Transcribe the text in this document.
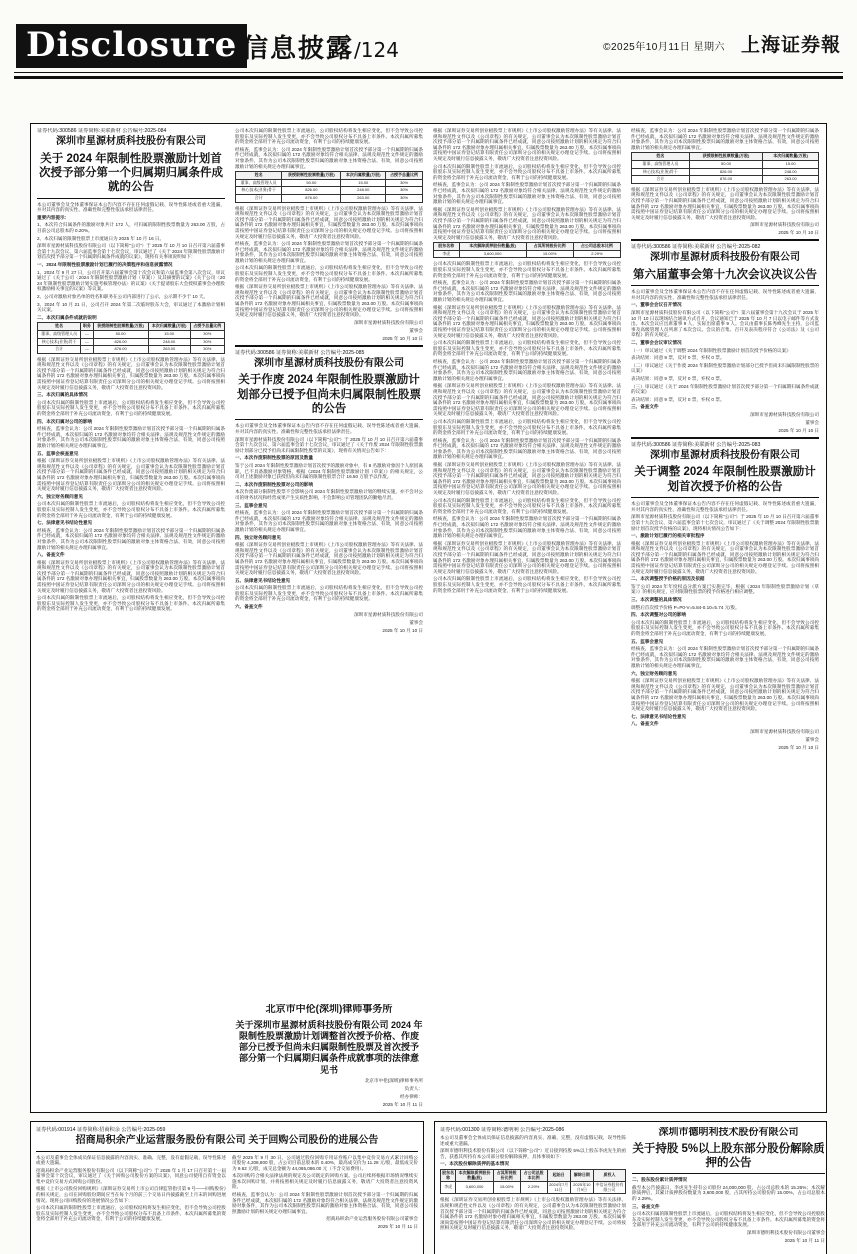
Disclosure 信息披露/124	©2025年10月11日 星期六 上海证券報
证券代码:300586 证券简称:美联新材 公告编号:2025-084
深圳市星源材质科技股份有限公司
关于 2024 年限制性股票激励计划首次授予部分第一个归属期归属条件成就的公告

本公司董事会及全体董事保证本公告内容不存在任何虚假记载、误导性陈述或者重大遗漏，并对其内容的真实性、准确性和完整性依法承担法律责任。

重要内容提示：

1、本次符合归属条件的激励对象共计 172 人，可归属的限制性股票数量为 263.00 万股，占目前公司总股本的 0.20%。

2、本次归属的限制性股票上市流通日为 2025 年 10 月 16 日。

深圳市星源材质科技股份有限公司（以下简称"公司"）于 2025 年 10 月 10 日召开第六届董事会第十九次会议、第六届监事会第十七次会议，审议通过了《关于 2024 年限制性股票激励计划首次授予部分第一个归属期归属条件成就的议案》，现将有关事项说明如下：

一、2024 年限制性股票激励计划已履行的决策程序和信息披露情况

1、2024 年 9 月 27 日，公司召开第六届董事会第十次会议和第六届监事会第八次会议，审议通过了《关于公司〈2024 年限制性股票激励计划（草案）〉及其摘要的议案》《关于公司〈2024 年限制性股票激励计划实施考核管理办法〉的议案》《关于提请股东大会授权董事会办理股权激励相关事宜的议案》等议案。

2、公司对激励对象名单的姓名和职务在公司内部进行了公示，公示期不少于 10 天。

3、2024 年 10 月 21 日，公司召开 2024 年第二次临时股东大会，审议通过了本激励计划相关议案。

二、本次归属条件成就的说明

姓名	职务	获授限制性股票数量(万股)	本次归属数量(万股)	占授予总量比例
董事、高级管理人员	—	50.00	15.00	30%
核心技术(业务)骨干	—	826.00	248.00	30%
合计	—	876.00	263.00	30%

根据《深圳证券交易所创业板股票上市规则》《上市公司股权激励管理办法》等有关法律、法规和规范性文件以及《公司章程》的有关规定，公司董事会认为本次限制性股票激励计划首次授予部分第一个归属期的归属条件已经成就，同意公司按照激励计划的相关规定为符合归属条件的 172 名激励对象办理归属相关事宜，归属股票数量为 263.00 万股。本次归属事项尚需按照中国证券登记结算有限责任公司深圳分公司的相关规定办理登记手续。公司将按照相关规定及时履行信息披露义务，敬请广大投资者注意投资风险。

三、本次归属的具体情况

公司本次归属的限制性股票上市流通后，公司股权结构将发生相应变化，但不会导致公司控股股东及实际控制人发生变更，亦不会导致公司股权分布不具备上市条件。本次归属所募集的资金将全部用于补充公司流动资金，有利于公司的持续健康发展。

四、本次归属对公司的影响

经核查，监事会认为：公司 2024 年限制性股票激励计划首次授予部分第一个归属期的归属条件已经成就，本次拟归属的 172 名激励对象均符合相关法律、法规及规范性文件规定的激励对象条件，其作为公司本次限制性股票归属的激励对象主体资格合法、有效，同意公司按照激励计划的相关规定办理归属事宜。

五、监事会核查意见

根据《深圳证券交易所创业板股票上市规则》《上市公司股权激励管理办法》等有关法律、法规和规范性文件以及《公司章程》的有关规定，公司董事会认为本次限制性股票激励计划首次授予部分第一个归属期的归属条件已经成就，同意公司按照激励计划的相关规定为符合归属条件的 172 名激励对象办理归属相关事宜，归属股票数量为 263.00 万股。本次归属事项尚需按照中国证券登记结算有限责任公司深圳分公司的相关规定办理登记手续。公司将按照相关规定及时履行信息披露义务，敬请广大投资者注意投资风险。

六、独立财务顾问意见

公司本次归属的限制性股票上市流通后，公司股权结构将发生相应变化，但不会导致公司控股股东及实际控制人发生变更，亦不会导致公司股权分布不具备上市条件。本次归属所募集的资金将全部用于补充公司流动资金，有利于公司的持续健康发展。

七、法律意见书结论性意见

经核查，监事会认为：公司 2024 年限制性股票激励计划首次授予部分第一个归属期的归属条件已经成就，本次拟归属的 172 名激励对象均符合相关法律、法规及规范性文件规定的激励对象条件，其作为公司本次限制性股票归属的激励对象主体资格合法、有效，同意公司按照激励计划的相关规定办理归属事宜。

八、备查文件

根据《深圳证券交易所创业板股票上市规则》《上市公司股权激励管理办法》等有关法律、法规和规范性文件以及《公司章程》的有关规定，公司董事会认为本次限制性股票激励计划首次授予部分第一个归属期的归属条件已经成就，同意公司按照激励计划的相关规定为符合归属条件的 172 名激励对象办理归属相关事宜，归属股票数量为 263.00 万股。本次归属事项尚需按照中国证券登记结算有限责任公司深圳分公司的相关规定办理登记手续。公司将按照相关规定及时履行信息披露义务，敬请广大投资者注意投资风险。

公司本次归属的限制性股票上市流通后，公司股权结构将发生相应变化，但不会导致公司控股股东及实际控制人发生变更，亦不会导致公司股权分布不具备上市条件。本次归属所募集的资金将全部用于补充公司流动资金，有利于公司的持续健康发展。

公司本次归属的限制性股票上市流通后，公司股权结构将发生相应变化，但不会导致公司控股股东及实际控制人发生变更，亦不会导致公司股权分布不具备上市条件。本次归属所募集的资金将全部用于补充公司流动资金，有利于公司的持续健康发展。

经核查，监事会认为：公司 2024 年限制性股票激励计划首次授予部分第一个归属期的归属条件已经成就，本次拟归属的 172 名激励对象均符合相关法律、法规及规范性文件规定的激励对象条件，其作为公司本次限制性股票归属的激励对象主体资格合法、有效，同意公司按照激励计划的相关规定办理归属事宜。

姓名	获授限制性股票数量(万股)	本次归属数量(万股)	占授予总量比例
董事、高级管理人员	50.00	15.00	30%
核心技术(业务)骨干	826.00	248.00	30%
合计	876.00	263.00	30%

根据《深圳证券交易所创业板股票上市规则》《上市公司股权激励管理办法》等有关法律、法规和规范性文件以及《公司章程》的有关规定，公司董事会认为本次限制性股票激励计划首次授予部分第一个归属期的归属条件已经成就，同意公司按照激励计划的相关规定为符合归属条件的 172 名激励对象办理归属相关事宜，归属股票数量为 263.00 万股。本次归属事项尚需按照中国证券登记结算有限责任公司深圳分公司的相关规定办理登记手续。公司将按照相关规定及时履行信息披露义务，敬请广大投资者注意投资风险。

经核查，监事会认为：公司 2024 年限制性股票激励计划首次授予部分第一个归属期的归属条件已经成就，本次拟归属的 172 名激励对象均符合相关法律、法规及规范性文件规定的激励对象条件，其作为公司本次限制性股票归属的激励对象主体资格合法、有效，同意公司按照激励计划的相关规定办理归属事宜。

公司本次归属的限制性股票上市流通后，公司股权结构将发生相应变化，但不会导致公司控股股东及实际控制人发生变更，亦不会导致公司股权分布不具备上市条件。本次归属所募集的资金将全部用于补充公司流动资金，有利于公司的持续健康发展。

根据《深圳证券交易所创业板股票上市规则》《上市公司股权激励管理办法》等有关法律、法规和规范性文件以及《公司章程》的有关规定，公司董事会认为本次限制性股票激励计划首次授予部分第一个归属期的归属条件已经成就，同意公司按照激励计划的相关规定为符合归属条件的 172 名激励对象办理归属相关事宜，归属股票数量为 263.00 万股。本次归属事项尚需按照中国证券登记结算有限责任公司深圳分公司的相关规定办理登记手续。公司将按照相关规定及时履行信息披露义务，敬请广大投资者注意投资风险。

深圳市星源材质科技股份有限公司
董事会
2025 年 10 月 10 日
证券代码:300586 证券简称:美联新材 公告编号:2025-085
深圳市星源材质科技股份有限公司
关于作废 2024 年限制性股票激励计划部分已授予但尚未归属限制性股票的公告

本公司董事会及全体董事保证本公告内容不存在任何虚假记载、误导性陈述或者重大遗漏，并对其内容的真实性、准确性和完整性依法承担法律责任。

深圳市星源材质科技股份有限公司（以下简称"公司"）于 2025 年 10 月 10 日召开第六届董事会第十九次会议、第六届监事会第十七次会议，审议通过了《关于作废 2024 年限制性股票激励计划部分已授予但尚未归属限制性股票的议案》，现将有关情况公告如下：

一、本次作废限制性股票的原因及数量

鉴于公司 2024 年限制性股票激励计划首次授予的激励对象中，有 8 名激励对象因个人原因离职，已不具备激励对象资格，根据《2024 年限制性股票激励计划（草案）》的相关规定，公司对上述激励对象已获授但尚未归属的限制性股票合计 16.50 万股予以作废。

二、本次作废限制性股票对公司的影响

本次作废部分限制性股票不会影响公司 2024 年限制性股票激励计划的继续实施，亦不会对公司的财务状况和经营成果产生实质性影响，不会影响公司管理团队的勤勉尽责。

三、监事会意见

经核查，监事会认为：公司 2024 年限制性股票激励计划首次授予部分第一个归属期的归属条件已经成就，本次拟归属的 172 名激励对象均符合相关法律、法规及规范性文件规定的激励对象条件，其作为公司本次限制性股票归属的激励对象主体资格合法、有效，同意公司按照激励计划的相关规定办理归属事宜。

四、独立财务顾问意见

根据《深圳证券交易所创业板股票上市规则》《上市公司股权激励管理办法》等有关法律、法规和规范性文件以及《公司章程》的有关规定，公司董事会认为本次限制性股票激励计划首次授予部分第一个归属期的归属条件已经成就，同意公司按照激励计划的相关规定为符合归属条件的 172 名激励对象办理归属相关事宜，归属股票数量为 263.00 万股。本次归属事项尚需按照中国证券登记结算有限责任公司深圳分公司的相关规定办理登记手续。公司将按照相关规定及时履行信息披露义务，敬请广大投资者注意投资风险。

五、法律意见书结论性意见

公司本次归属的限制性股票上市流通后，公司股权结构将发生相应变化，但不会导致公司控股股东及实际控制人发生变更，亦不会导致公司股权分布不具备上市条件。本次归属所募集的资金将全部用于补充公司流动资金，有利于公司的持续健康发展。

六、备查文件

深圳市星源材质科技股份有限公司
董事会
2025 年 10 月 10 日

根据《深圳证券交易所创业板股票上市规则》《上市公司股权激励管理办法》等有关法律、法规和规范性文件以及《公司章程》的有关规定，公司董事会认为本次限制性股票激励计划首次授予部分第一个归属期的归属条件已经成就，同意公司按照激励计划的相关规定为符合归属条件的 172 名激励对象办理归属相关事宜，归属股票数量为 263.00 万股。本次归属事项尚需按照中国证券登记结算有限责任公司深圳分公司的相关规定办理登记手续。公司将按照相关规定及时履行信息披露义务，敬请广大投资者注意投资风险。

公司本次归属的限制性股票上市流通后，公司股权结构将发生相应变化，但不会导致公司控股股东及实际控制人发生变更，亦不会导致公司股权分布不具备上市条件。本次归属所募集的资金将全部用于补充公司流动资金，有利于公司的持续健康发展。

经核查，监事会认为：公司 2024 年限制性股票激励计划首次授予部分第一个归属期的归属条件已经成就，本次拟归属的 172 名激励对象均符合相关法律、法规及规范性文件规定的激励对象条件，其作为公司本次限制性股票归属的激励对象主体资格合法、有效，同意公司按照激励计划的相关规定办理归属事宜。

根据《深圳证券交易所创业板股票上市规则》《上市公司股权激励管理办法》等有关法律、法规和规范性文件以及《公司章程》的有关规定，公司董事会认为本次限制性股票激励计划首次授予部分第一个归属期的归属条件已经成就，同意公司按照激励计划的相关规定为符合归属条件的 172 名激励对象办理归属相关事宜，归属股票数量为 263.00 万股。本次归属事项尚需按照中国证券登记结算有限责任公司深圳分公司的相关规定办理登记手续。公司将按照相关规定及时履行信息披露义务，敬请广大投资者注意投资风险。

股东名称	本次解除质押股份数量(股)	占其所持股份比例	占公司总股本比例
李虎	3,600,000	15.00%	2.29%

公司本次归属的限制性股票上市流通后，公司股权结构将发生相应变化，但不会导致公司控股股东及实际控制人发生变更，亦不会导致公司股权分布不具备上市条件。本次归属所募集的资金将全部用于补充公司流动资金，有利于公司的持续健康发展。

经核查，监事会认为：公司 2024 年限制性股票激励计划首次授予部分第一个归属期的归属条件已经成就，本次拟归属的 172 名激励对象均符合相关法律、法规及规范性文件规定的激励对象条件，其作为公司本次限制性股票归属的激励对象主体资格合法、有效，同意公司按照激励计划的相关规定办理归属事宜。

根据《深圳证券交易所创业板股票上市规则》《上市公司股权激励管理办法》等有关法律、法规和规范性文件以及《公司章程》的有关规定，公司董事会认为本次限制性股票激励计划首次授予部分第一个归属期的归属条件已经成就，同意公司按照激励计划的相关规定为符合归属条件的 172 名激励对象办理归属相关事宜，归属股票数量为 263.00 万股。本次归属事项尚需按照中国证券登记结算有限责任公司深圳分公司的相关规定办理登记手续。公司将按照相关规定及时履行信息披露义务，敬请广大投资者注意投资风险。

公司本次归属的限制性股票上市流通后，公司股权结构将发生相应变化，但不会导致公司控股股东及实际控制人发生变更，亦不会导致公司股权分布不具备上市条件。本次归属所募集的资金将全部用于补充公司流动资金，有利于公司的持续健康发展。

经核查，监事会认为：公司 2024 年限制性股票激励计划首次授予部分第一个归属期的归属条件已经成就，本次拟归属的 172 名激励对象均符合相关法律、法规及规范性文件规定的激励对象条件，其作为公司本次限制性股票归属的激励对象主体资格合法、有效，同意公司按照激励计划的相关规定办理归属事宜。

根据《深圳证券交易所创业板股票上市规则》《上市公司股权激励管理办法》等有关法律、法规和规范性文件以及《公司章程》的有关规定，公司董事会认为本次限制性股票激励计划首次授予部分第一个归属期的归属条件已经成就，同意公司按照激励计划的相关规定为符合归属条件的 172 名激励对象办理归属相关事宜，归属股票数量为 263.00 万股。本次归属事项尚需按照中国证券登记结算有限责任公司深圳分公司的相关规定办理登记手续。公司将按照相关规定及时履行信息披露义务，敬请广大投资者注意投资风险。

公司本次归属的限制性股票上市流通后，公司股权结构将发生相应变化，但不会导致公司控股股东及实际控制人发生变更，亦不会导致公司股权分布不具备上市条件。本次归属所募集的资金将全部用于补充公司流动资金，有利于公司的持续健康发展。

经核查，监事会认为：公司 2024 年限制性股票激励计划首次授予部分第一个归属期的归属条件已经成就，本次拟归属的 172 名激励对象均符合相关法律、法规及规范性文件规定的激励对象条件，其作为公司本次限制性股票归属的激励对象主体资格合法、有效，同意公司按照激励计划的相关规定办理归属事宜。

根据《深圳证券交易所创业板股票上市规则》《上市公司股权激励管理办法》等有关法律、法规和规范性文件以及《公司章程》的有关规定，公司董事会认为本次限制性股票激励计划首次授予部分第一个归属期的归属条件已经成就，同意公司按照激励计划的相关规定为符合归属条件的 172 名激励对象办理归属相关事宜，归属股票数量为 263.00 万股。本次归属事项尚需按照中国证券登记结算有限责任公司深圳分公司的相关规定办理登记手续。公司将按照相关规定及时履行信息披露义务，敬请广大投资者注意投资风险。

公司本次归属的限制性股票上市流通后，公司股权结构将发生相应变化，但不会导致公司控股股东及实际控制人发生变更，亦不会导致公司股权分布不具备上市条件。本次归属所募集的资金将全部用于补充公司流动资金，有利于公司的持续健康发展。

经核查，监事会认为：公司 2024 年限制性股票激励计划首次授予部分第一个归属期的归属条件已经成就，本次拟归属的 172 名激励对象均符合相关法律、法规及规范性文件规定的激励对象条件，其作为公司本次限制性股票归属的激励对象主体资格合法、有效，同意公司按照激励计划的相关规定办理归属事宜。

根据《深圳证券交易所创业板股票上市规则》《上市公司股权激励管理办法》等有关法律、法规和规范性文件以及《公司章程》的有关规定，公司董事会认为本次限制性股票激励计划首次授予部分第一个归属期的归属条件已经成就，同意公司按照激励计划的相关规定为符合归属条件的 172 名激励对象办理归属相关事宜，归属股票数量为 263.00 万股。本次归属事项尚需按照中国证券登记结算有限责任公司深圳分公司的相关规定办理登记手续。公司将按照相关规定及时履行信息披露义务，敬请广大投资者注意投资风险。

公司本次归属的限制性股票上市流通后，公司股权结构将发生相应变化，但不会导致公司控股股东及实际控制人发生变更，亦不会导致公司股权分布不具备上市条件。本次归属所募集的资金将全部用于补充公司流动资金，有利于公司的持续健康发展。

经核查，监事会认为：公司 2024 年限制性股票激励计划首次授予部分第一个归属期的归属条件已经成就，本次拟归属的 172 名激励对象均符合相关法律、法规及规范性文件规定的激励对象条件，其作为公司本次限制性股票归属的激励对象主体资格合法、有效，同意公司按照激励计划的相关规定办理归属事宜。

姓名	获授限制性股票数量(万股)	本次归属数量(万股)
董事、高级管理人员	50.00	15.00
核心技术(业务)骨干	826.00	248.00
合计	876.00	263.00

根据《深圳证券交易所创业板股票上市规则》《上市公司股权激励管理办法》等有关法律、法规和规范性文件以及《公司章程》的有关规定，公司董事会认为本次限制性股票激励计划首次授予部分第一个归属期的归属条件已经成就，同意公司按照激励计划的相关规定为符合归属条件的 172 名激励对象办理归属相关事宜，归属股票数量为 263.00 万股。本次归属事项尚需按照中国证券登记结算有限责任公司深圳分公司的相关规定办理登记手续。公司将按照相关规定及时履行信息披露义务，敬请广大投资者注意投资风险。

深圳市星源材质科技股份有限公司
2025 年 10 月 10 日
证券代码:300586 证券简称:美联新材 公告编号:2025-082
深圳市星源材质科技股份有限公司
第六届董事会第十九次会议决议公告

本公司董事会及全体董事保证本公告内容不存在任何虚假记载、误导性陈述或者重大遗漏，并对其内容的真实性、准确性和完整性依法承担法律责任。

一、董事会会议召开情况

深圳市星源材质科技股份有限公司（以下简称"公司"）第六届董事会第十九次会议于 2025 年 10 月 10 日以现场结合通讯方式召开，会议通知已于 2025 年 10 月 7 日以电子邮件等方式发出。本次会议应出席董事 9 人，实际出席董事 9 人。会议由董事长陈秀峰先生主持，公司监事及高级管理人员列席了本次会议。会议的召集、召开及表决程序符合《公司法》及《公司章程》的有关规定。

二、董事会会议审议情况

（一）审议通过《关于调整 2024 年限制性股票激励计划首次授予价格的议案》

表决结果：同意 9 票，反对 0 票，弃权 0 票。

（二）审议通过《关于作废 2024 年限制性股票激励计划部分已授予但尚未归属限制性股票的议案》

表决结果：同意 9 票，反对 0 票，弃权 0 票。

（三）审议通过《关于 2024 年限制性股票激励计划首次授予部分第一个归属期归属条件成就的议案》

表决结果：同意 9 票，反对 0 票，弃权 0 票。

三、备查文件

深圳市星源材质科技股份有限公司
董事会
2025 年 10 月 10 日
证券代码:300586 证券简称:美联新材 公告编号:2025-083
深圳市星源材质科技股份有限公司
关于调整 2024 年限制性股票激励计划首次授予价格的公告

本公司董事会及全体董事保证本公告内容不存在任何虚假记载、误导性陈述或者重大遗漏，并对其内容的真实性、准确性和完整性依法承担法律责任。

深圳市星源材质科技股份有限公司（以下简称"公司"）于 2025 年 10 月 10 日召开第六届董事会第十九次会议、第六届监事会第十七次会议，审议通过了《关于调整 2024 年限制性股票激励计划首次授予价格的议案》，现将相关情况公告如下：

一、激励计划已履行的相关审批程序

根据《深圳证券交易所创业板股票上市规则》《上市公司股权激励管理办法》等有关法律、法规和规范性文件以及《公司章程》的有关规定，公司董事会认为本次限制性股票激励计划首次授予部分第一个归属期的归属条件已经成就，同意公司按照激励计划的相关规定为符合归属条件的 172 名激励对象办理归属相关事宜，归属股票数量为 263.00 万股。本次归属事项尚需按照中国证券登记结算有限责任公司深圳分公司的相关规定办理登记手续。公司将按照相关规定及时履行信息披露义务，敬请广大投资者注意投资风险。

二、本次调整授予价格的原因及依据

鉴于公司 2024 年年度权益分派方案已实施完毕，根据《2024 年限制性股票激励计划（草案）》的相关规定，应对限制性股票的授予价格进行相应调整。

三、本次调整的具体情况

调整后首次授予价格 P=P0-V=5.84-0.10=5.74 元/股。

四、本次调整对公司的影响

公司本次归属的限制性股票上市流通后，公司股权结构将发生相应变化，但不会导致公司控股股东及实际控制人发生变更，亦不会导致公司股权分布不具备上市条件。本次归属所募集的资金将全部用于补充公司流动资金，有利于公司的持续健康发展。

五、监事会意见

经核查，监事会认为：公司 2024 年限制性股票激励计划首次授予部分第一个归属期的归属条件已经成就，本次拟归属的 172 名激励对象均符合相关法律、法规及规范性文件规定的激励对象条件，其作为公司本次限制性股票归属的激励对象主体资格合法、有效，同意公司按照激励计划的相关规定办理归属事宜。

六、独立财务顾问意见

根据《深圳证券交易所创业板股票上市规则》《上市公司股权激励管理办法》等有关法律、法规和规范性文件以及《公司章程》的有关规定，公司董事会认为本次限制性股票激励计划首次授予部分第一个归属期的归属条件已经成就，同意公司按照激励计划的相关规定为符合归属条件的 172 名激励对象办理归属相关事宜，归属股票数量为 263.00 万股。本次归属事项尚需按照中国证券登记结算有限责任公司深圳分公司的相关规定办理登记手续。公司将按照相关规定及时履行信息披露义务，敬请广大投资者注意投资风险。

七、法律意见书结论性意见

八、备查文件

深圳市星源材质科技股份有限公司
董事会
2025 年 10 月 10 日
北京市中伦(深圳)律师事务所
关于深圳市星源材质科技股份有限公司 2024 年限制性股票激励计划调整首次授予价格、作废部分已授予但尚未归属限制性股票及首次授予部分第一个归属期归属条件成就事项的法律意见书
北京市中伦(深圳)律师事务所
负责人：
经办律师：
2025 年 10 月 11 日
证券代码:001914 证券简称:招商积余 公告编号:2025-059
招商局积余产业运营服务股份有限公司 关于回购公司股份的进展公告

本公司及董事会全体成员保证信息披露的内容真实、准确、完整，没有虚假记载、误导性陈述或重大遗漏。

招商局积余产业运营服务股份有限公司（以下简称"公司"）于 2025 年 1 月 17 日召开第十一届董事会第十次会议，审议通过了《关于回购公司股份方案的议案》，同意公司使用自有资金以集中竞价交易方式回购公司股份。

根据《上市公司股份回购规则》《深圳证券交易所上市公司自律监管指引第 9 号——回购股份》的相关规定，公司在回购股份期间应当在每个月的前三个交易日内披露截至上月末的回购进展情况。现将公司回购股份的进展情况公告如下：

公司本次归属的限制性股票上市流通后，公司股权结构将发生相应变化，但不会导致公司控股股东及实际控制人发生变更，亦不会导致公司股权分布不具备上市条件。本次归属所募集的资金将全部用于补充公司流动资金，有利于公司的持续健康发展。

截至 2025 年 9 月 30 日，公司通过股份回购专用证券账户以集中竞价交易方式累计回购公司股份 4,208,800 股，占公司目前总股本的 0.40%，最高成交价为 11.28 元/股，最低成交价为 9.62 元/股，成交总金额为 44,065,086.00 元（不含交易费用）。

本次回购符合相关法律法规的规定及公司既定的回购方案。公司后续将根据市场情况继续实施本次回购计划，并将按照相关规定及时履行信息披露义务，敬请广大投资者注意投资风险。

经核查，监事会认为：公司 2024 年限制性股票激励计划首次授予部分第一个归属期的归属条件已经成就，本次拟归属的 172 名激励对象均符合相关法律、法规及规范性文件规定的激励对象条件，其作为公司本次限制性股票归属的激励对象主体资格合法、有效，同意公司按照激励计划的相关规定办理归属事宜。

招商局积余产业运营服务股份有限公司董事会
2025 年 10 月 11 日
证券代码:001300 证券简称:德明利 公告编号:2025-086

本公司及董事会全体成员保证信息披露的内容真实、准确、完整，没有虚假记载、误导性陈述或重大遗漏。

深圳市德明利技术股份有限公司（以下简称"公司"）近日接到持股 5%以上股东李虎先生的函告，获悉其所持有本公司部分股份解除质押，具体事项如下：

一、本次股份解除质押的基本情况

股东名称	本次解除质押股份数量(股)	占其所持股份比例	占公司总股本比例	起始日	解除日期	质权人
李虎	3,600,000	15.00%	2.29%	2024年7月11日	2025年10月9日	中信证券股份有限公司

根据《深圳证券交易所创业板股票上市规则》《上市公司股权激励管理办法》等有关法律、法规和规范性文件以及《公司章程》的有关规定，公司董事会认为本次限制性股票激励计划首次授予部分第一个归属期的归属条件已经成就，同意公司按照激励计划的相关规定为符合归属条件的 172 名激励对象办理归属相关事宜，归属股票数量为 263.00 万股。本次归属事项尚需按照中国证券登记结算有限责任公司深圳分公司的相关规定办理登记手续。公司将按照相关规定及时履行信息披露义务，敬请广大投资者注意投资风险。

深圳市德明利技术股份有限公司
关于持股 5%以上股东部分股份解除质押的公告

二、股东股份累计质押情况

截至本公告披露日，李虎先生持有公司股份 24,000,000 股，占公司总股本的 15.26%；本次解除质押后，其累计质押股份数量为 3,600,000 股，占其所持公司股份的 15.00%，占公司总股本的 2.29%。

三、备查文件

公司本次归属的限制性股票上市流通后，公司股权结构将发生相应变化，但不会导致公司控股股东及实际控制人发生变更，亦不会导致公司股权分布不具备上市条件。本次归属所募集的资金将全部用于补充公司流动资金，有利于公司的持续健康发展。

深圳市德明利技术股份有限公司董事会
2025 年 10 月 11 日
